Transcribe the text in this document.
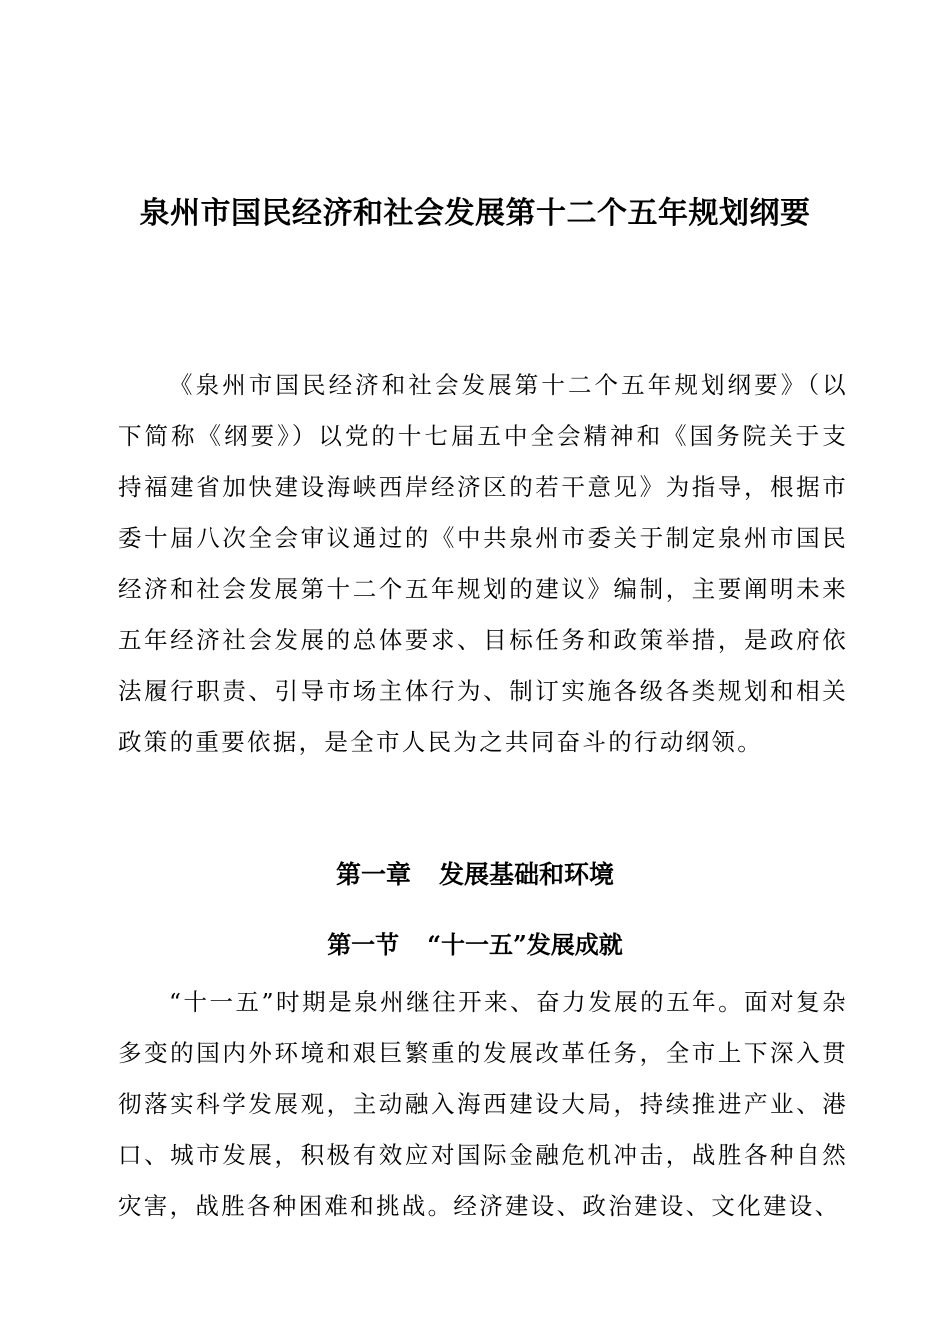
泉州市国民经济和社会发展第十二个五年规划纲要

《泉州市国民经济和社会发展第十二个五年规划纲要》（以下简称《纲要》）以党的十七届五中全会精神和《国务院关于支持福建省加快建设海峡西岸经济区的若干意见》为指导，根据市委十届八次全会审议通过的《中共泉州市委关于制定泉州市国民经济和社会发展第十二个五年规划的建议》编制，主要阐明未来五年经济社会发展的总体要求、目标任务和政策举措，是政府依法履行职责、引导市场主体行为、制订实施各级各类规划和相关政策的重要依据，是全市人民为之共同奋斗的行动纲领。

第一章 发展基础和环境
第一节 “十一五”发展成就

“十一五”时期是泉州继往开来、奋力发展的五年。面对复杂多变的国内外环境和艰巨繁重的发展改革任务，全市上下深入贯彻落实科学发展观，主动融入海西建设大局，持续推进产业、港口、城市发展，积极有效应对国际金融危机冲击，战胜各种自然灾害，战胜各种困难和挑战。经济建设、政治建设、文化建设、
